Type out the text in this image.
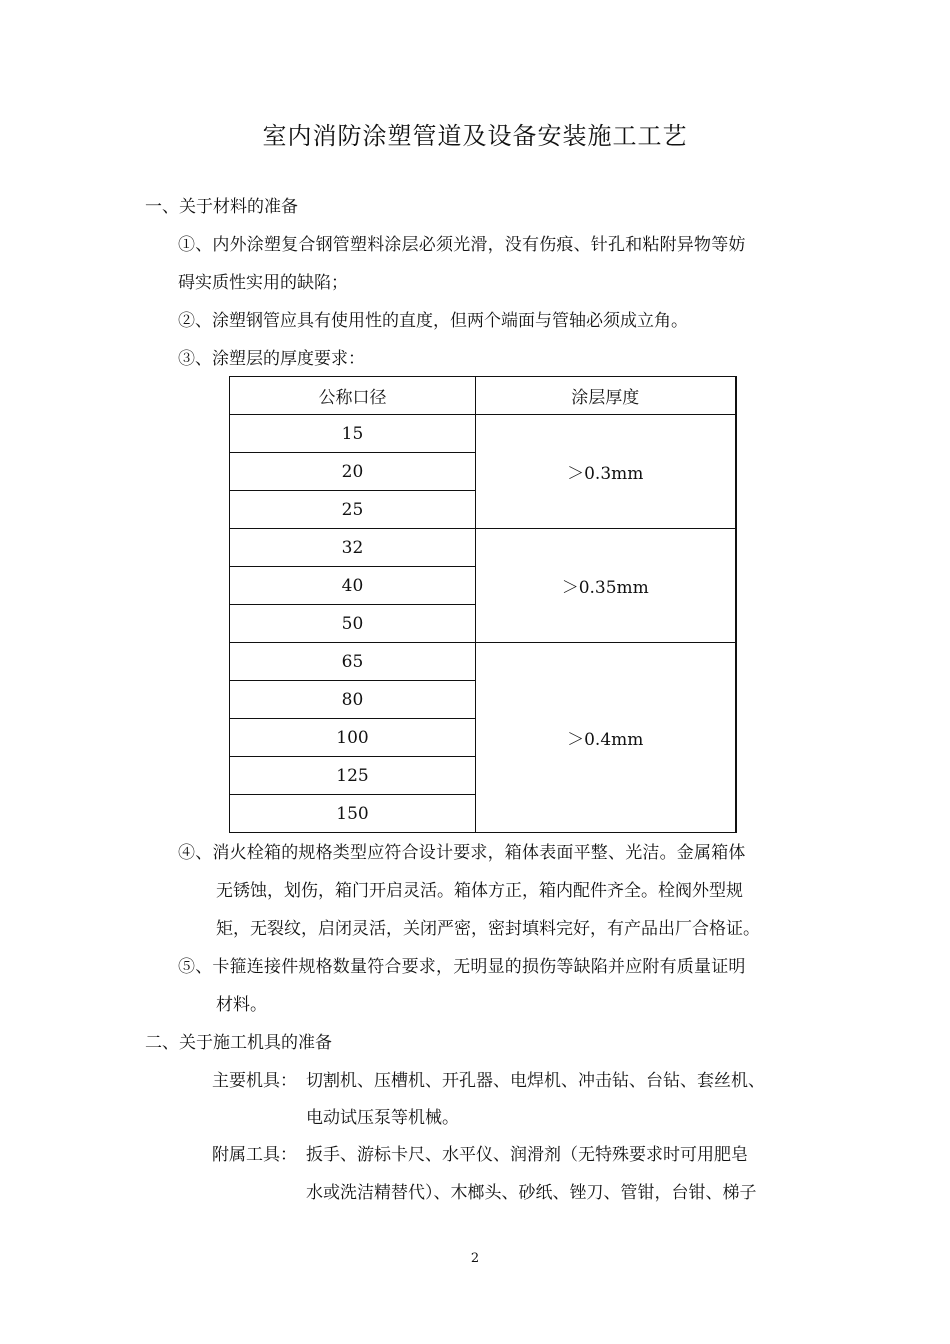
室内消防涂塑管道及设备安装施工工艺
一、关于材料的准备
①、内外涂塑复合钢管塑料涂层必须光滑，没有伤痕、针孔和粘附异物等妨
碍实质性实用的缺陷；
②、涂塑钢管应具有使用性的直度，但两个端面与管轴必须成立角。
③、涂塑层的厚度要求：
公称口径	涂层厚度
15	＞0.3mm
20	
25	
32	＞0.35mm
40	
50	
65	＞0.4mm
80	
100	
125	
150	
④、消火栓箱的规格类型应符合设计要求，箱体表面平整、光洁。金属箱体
无锈蚀，划伤，箱门开启灵活。箱体方正，箱内配件齐全。栓阀外型规
矩，无裂纹，启闭灵活，关闭严密，密封填料完好，有产品出厂合格证。
⑤、卡箍连接件规格数量符合要求，无明显的损伤等缺陷并应附有质量证明
材料。
二、关于施工机具的准备
主要机具： 切割机、压槽机、开孔器、电焊机、冲击钻、台钻、套丝机、
电动试压泵等机械。
附属工具： 扳手、游标卡尺、水平仪、润滑剂（无特殊要求时可用肥皂
水或洗洁精替代）、木榔头、砂纸、锉刀、管钳，台钳、梯子
2
